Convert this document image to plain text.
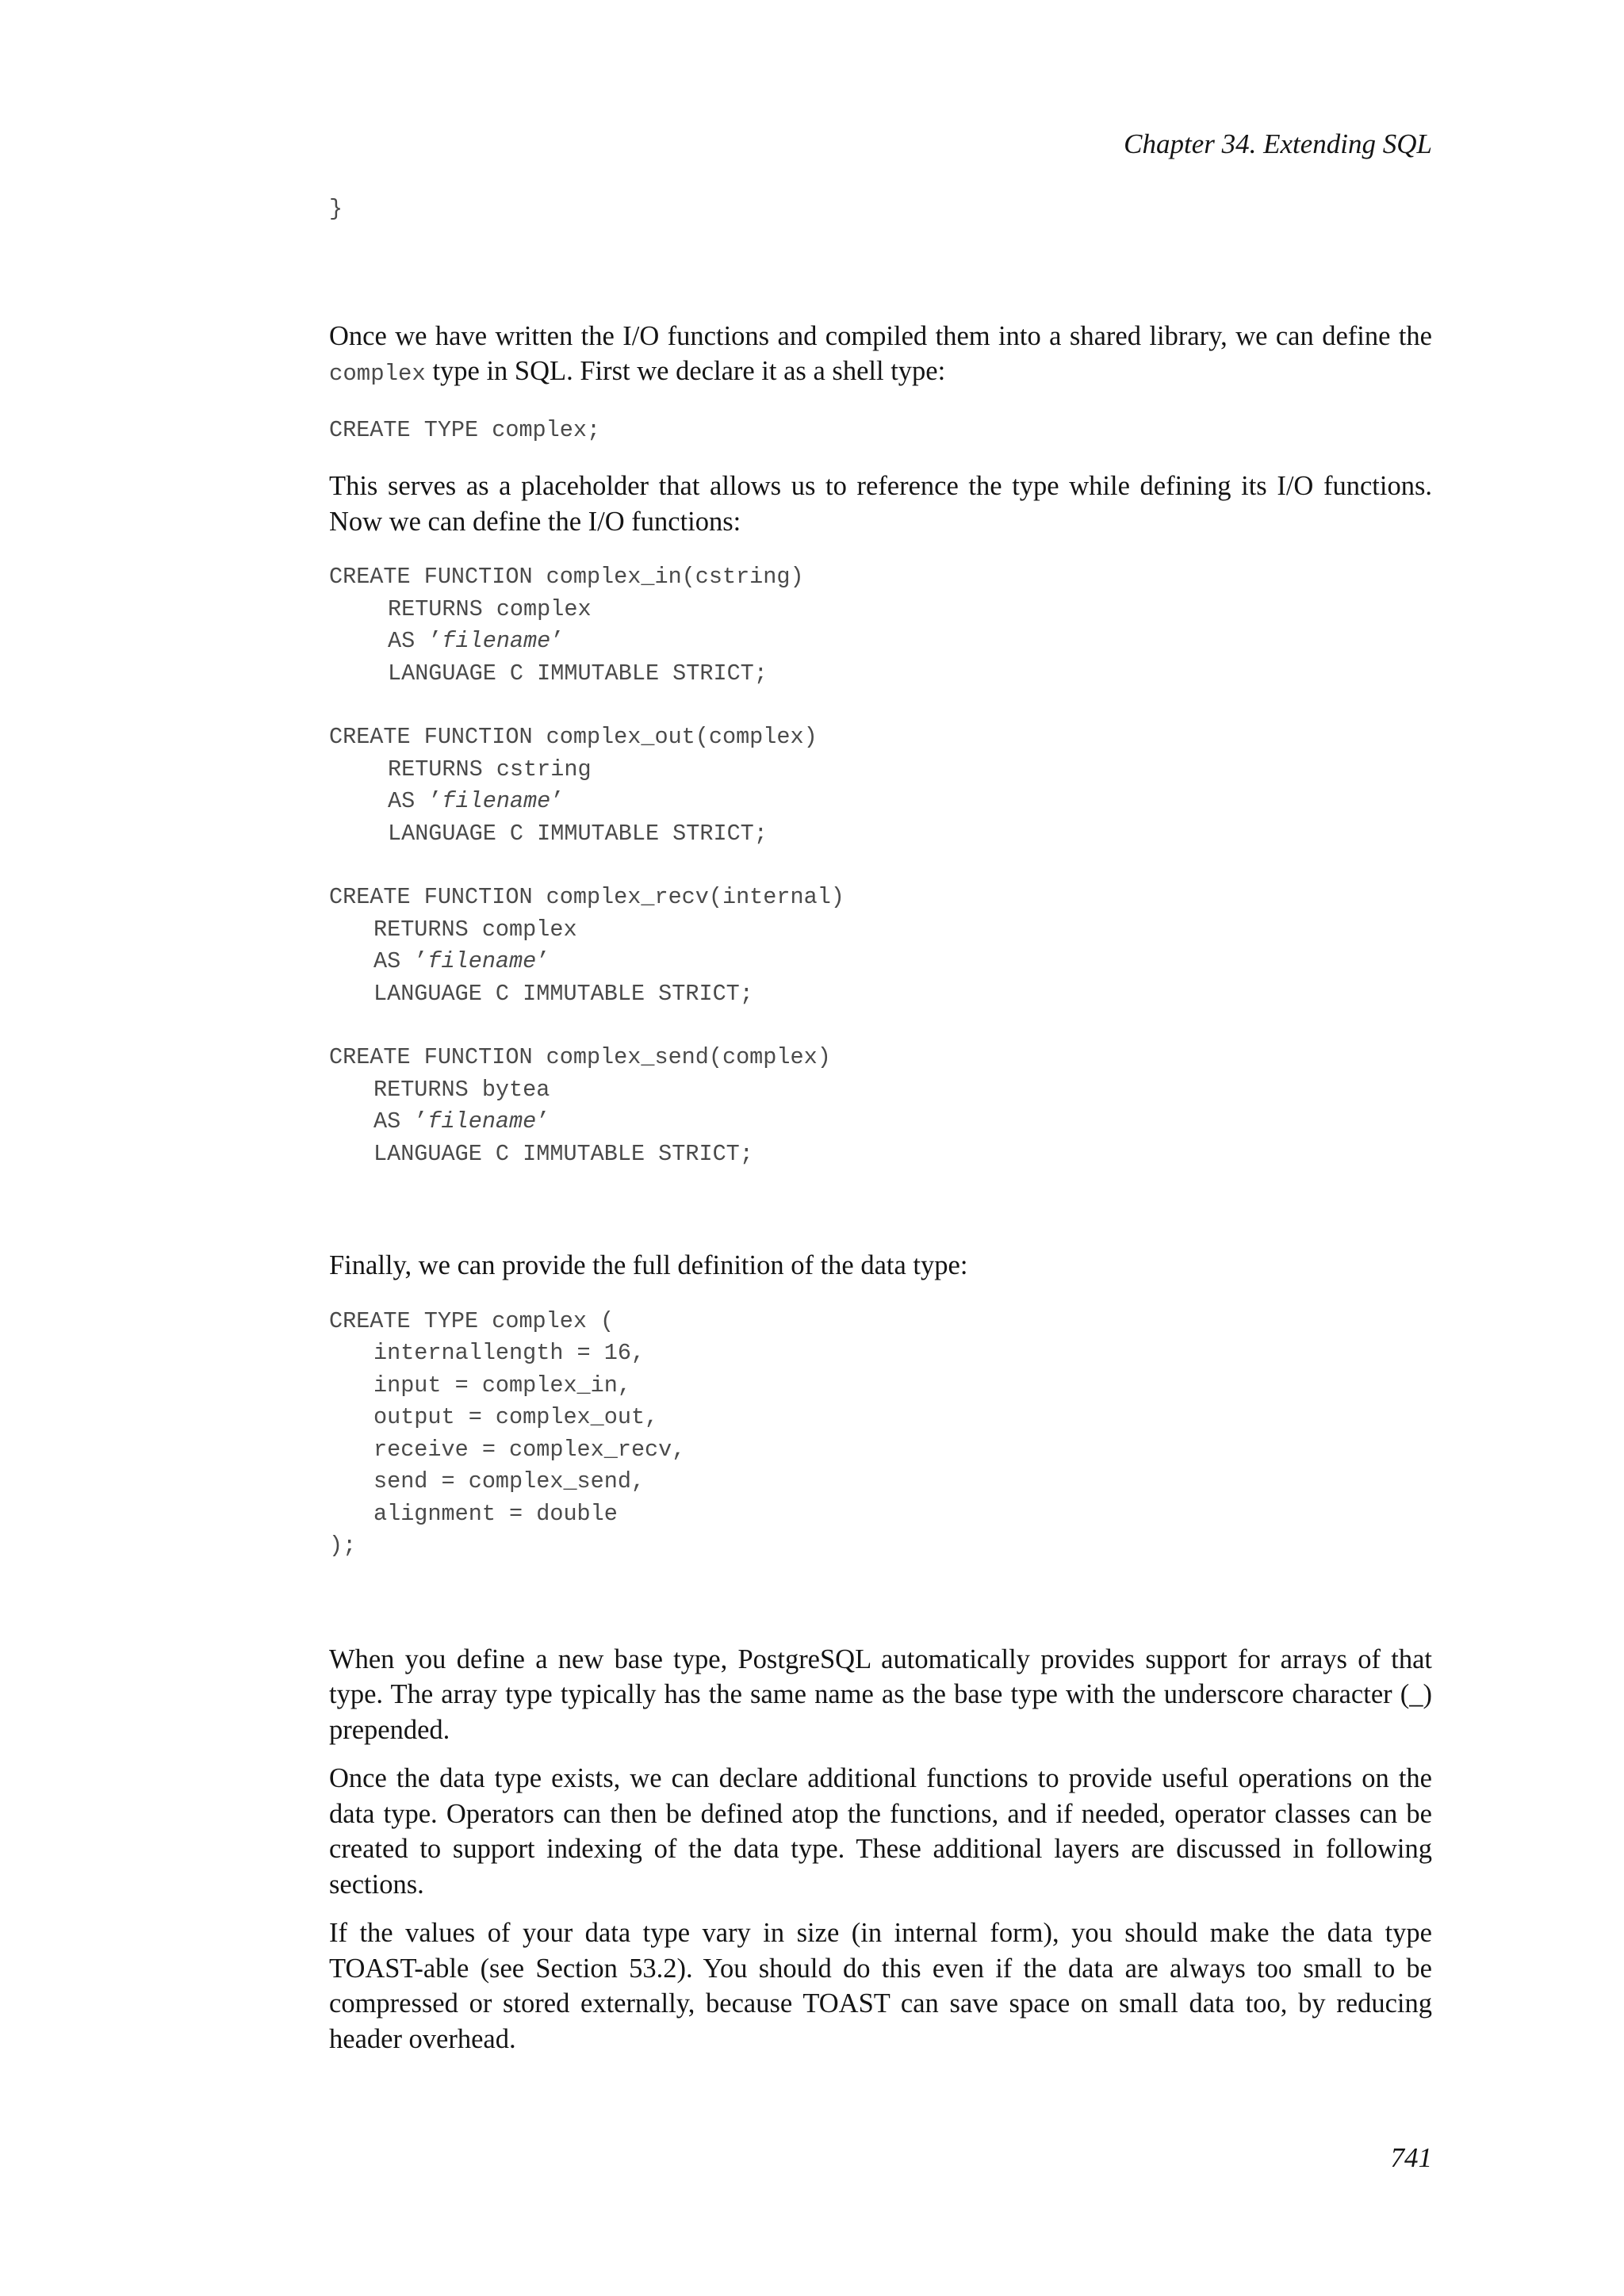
Chapter 34. Extending SQL
}

Once we have written the I/O functions and compiled them into a shared library, we can define the complex type in SQL. First we declare it as a shell type:

CREATE TYPE complex;

This serves as a placeholder that allows us to reference the type while defining its I/O functions. Now we can define the I/O functions:

CREATE FUNCTION complex_in(cstring)
RETURNS complex
AS ’filename’
LANGUAGE C IMMUTABLE STRICT;
CREATE FUNCTION complex_out(complex)
RETURNS cstring
AS ’filename’
LANGUAGE C IMMUTABLE STRICT;
CREATE FUNCTION complex_recv(internal)
RETURNS complex
AS ’filename’
LANGUAGE C IMMUTABLE STRICT;
CREATE FUNCTION complex_send(complex)
RETURNS bytea
AS ’filename’
LANGUAGE C IMMUTABLE STRICT;

Finally, we can provide the full definition of the data type:

CREATE TYPE complex (
internallength = 16,
input = complex_in,
output = complex_out,
receive = complex_recv,
send = complex_send,
alignment = double
);

When you define a new base type, PostgreSQL automatically provides support for arrays of that type. The array type typically has the same name as the base type with the underscore character (_) prepended.

Once the data type exists, we can declare additional functions to provide useful operations on the data type. Operators can then be defined atop the functions, and if needed, operator classes can be created to support indexing of the data type. These additional layers are discussed in following sections.

If the values of your data type vary in size (in internal form), you should make the data type TOAST-able (see Section 53.2). You should do this even if the data are always too small to be compressed or stored externally, because TOAST can save space on small data too, by reducing header overhead.

741
